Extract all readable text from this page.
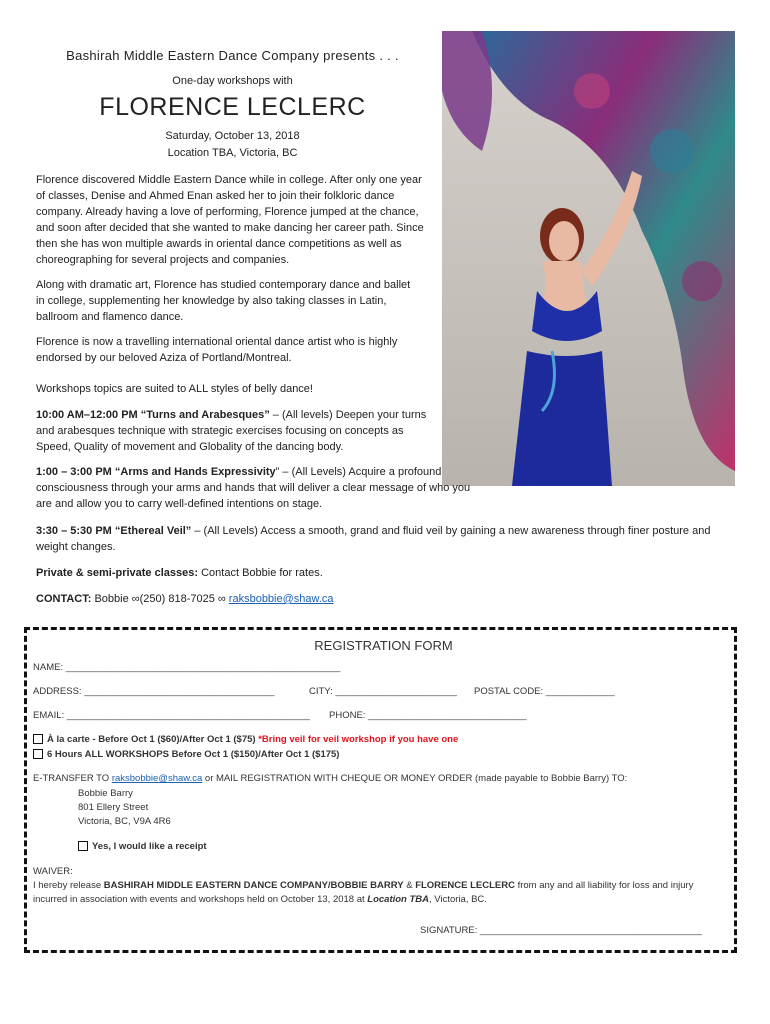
Bashirah Middle Eastern Dance Company presents . . .
One-day workshops with
FLORENCE LECLERC
Saturday, October 13, 2018
Location TBA, Victoria, BC
Florence discovered Middle Eastern Dance while in college. After only one year of classes, Denise and Ahmed Enan asked her to join their folkloric dance company. Already having a love of performing, Florence jumped at the chance, and soon after decided that she wanted to make dancing her career path. Since then she has won multiple awards in oriental dance competitions as well as choreographing for several projects and companies.
Along with dramatic art, Florence has studied contemporary dance and ballet in college, supplementing her knowledge by also taking classes in Latin, ballroom and flamenco dance.
Florence is now a travelling international oriental dance artist who is highly endorsed by our beloved Aziza of Portland/Montreal.
Workshops topics are suited to ALL styles of belly dance!
10:00 AM–12:00 PM “Turns and Arabesques” – (All levels) Deepen your turns and arabesques technique with strategic exercises focusing on concepts as Speed, Quality of movement and Globality of the dancing body.
1:00 – 3:00 PM “Arms and Hands Expressivity” – (All Levels) Acquire a profound consciousness through your arms and hands that will deliver a clear message of who you are and allow you to carry well-defined intentions on stage.
3:30 – 5:30 PM “Ethereal Veil” – (All Levels) Access a smooth, grand and fluid veil by gaining a new awareness through finer posture and weight changes.
Private & semi-private classes: Contact Bobbie for rates.
CONTACT: Bobbie ∞(250) 818-7025 ∞ raksbobbie@shaw.ca
REGISTRATION FORM
NAME: ____________________________________________________
ADDRESS: ____________________________________	CITY: _______________________ POSTAL CODE: _____________
EMAIL: ______________________________________________ PHONE: ______________________________
À la carte - Before Oct 1 ($60)/After Oct 1 ($75) *Bring veil for veil workshop if you have one
6 Hours ALL WORKSHOPS Before Oct 1 ($150)/After Oct 1 ($175)
E-TRANSFER TO raksbobbie@shaw.ca or MAIL REGISTRATION WITH CHEQUE OR MONEY ORDER (made payable to Bobbie Barry) TO:
Bobbie Barry
801 Ellery Street
Victoria, BC, V9A 4R6
Yes, I would like a receipt
WAIVER:
I hereby release BASHIRAH MIDDLE EASTERN DANCE COMPANY/BOBBIE BARRY & FLORENCE LECLERC from any and all liability for loss and injury
incurred in association with events and workshops held on October 13, 2018 at Location TBA, Victoria, BC.
SIGNATURE: __________________________________________
